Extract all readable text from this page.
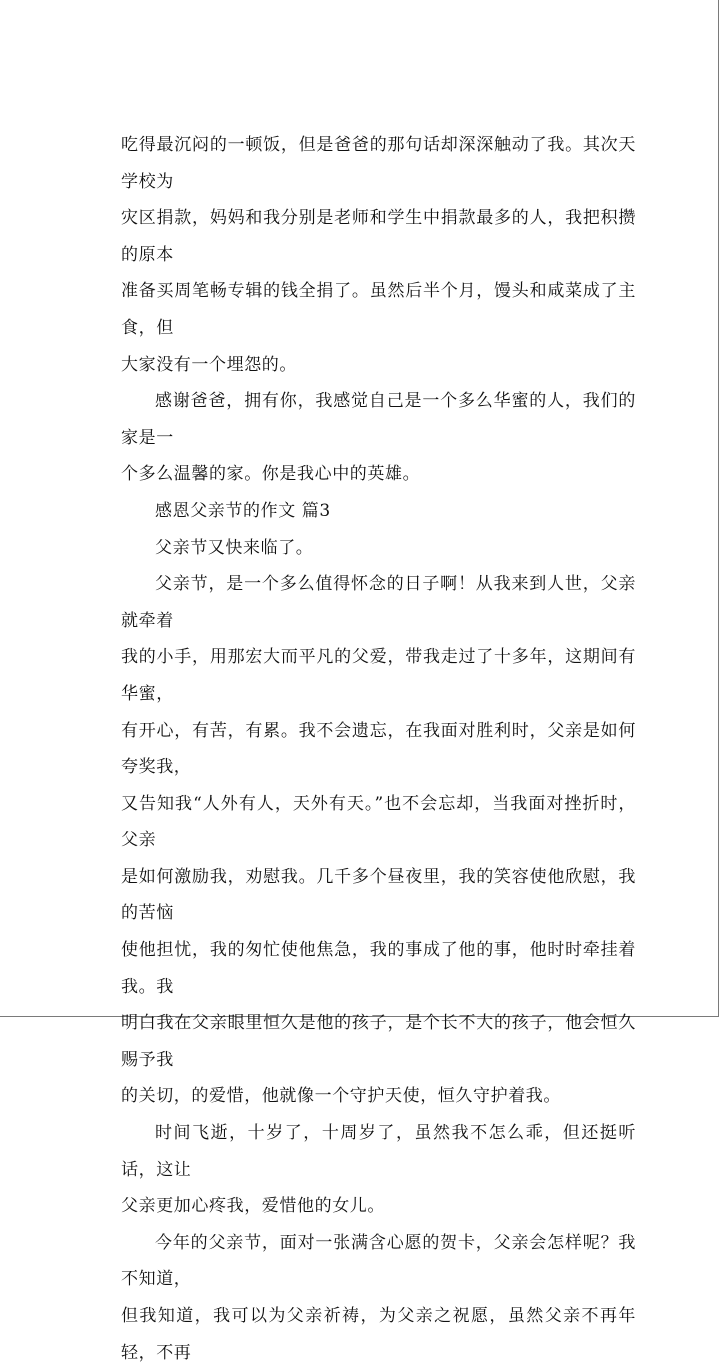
吃得最沉闷的一顿饭，但是爸爸的那句话却深深触动了我。其次天学校为
灾区捐款，妈妈和我分别是老师和学生中捐款最多的人，我把积攒的原本
准备买周笔畅专辑的钱全捐了。虽然后半个月，馒头和咸菜成了主食，但
大家没有一个埋怨的。

感谢爸爸，拥有你，我感觉自己是一个多么华蜜的人，我们的家是一
个多么温馨的家。你是我心中的英雄。

感恩父亲节的作文 篇3

父亲节又快来临了。

父亲节，是一个多么值得怀念的日子啊！从我来到人世，父亲就牵着
我的小手，用那宏大而平凡的父爱，带我走过了十多年，这期间有华蜜，
有开心，有苦，有累。我不会遗忘，在我面对胜利时，父亲是如何夸奖我，
又告知我“人外有人，天外有天。”也不会忘却，当我面对挫折时，父亲
是如何激励我，劝慰我。几千多个昼夜里，我的笑容使他欣慰，我的苦恼
使他担忧，我的匆忙使他焦急，我的事成了他的事，他时时牵挂着我。我
明白我在父亲眼里恒久是他的孩子，是个长不大的孩子，他会恒久赐予我
的关切，的爱惜，他就像一个守护天使，恒久守护着我。

时间飞逝，十岁了，十周岁了，虽然我不怎么乖，但还挺听话，这让
父亲更加心疼我，爱惜他的女儿。

今年的父亲节，面对一张满含心愿的贺卡，父亲会怎样呢？我不知道，
但我知道，我可以为父亲祈祷，为父亲之祝愿，虽然父亲不再年轻，不再
